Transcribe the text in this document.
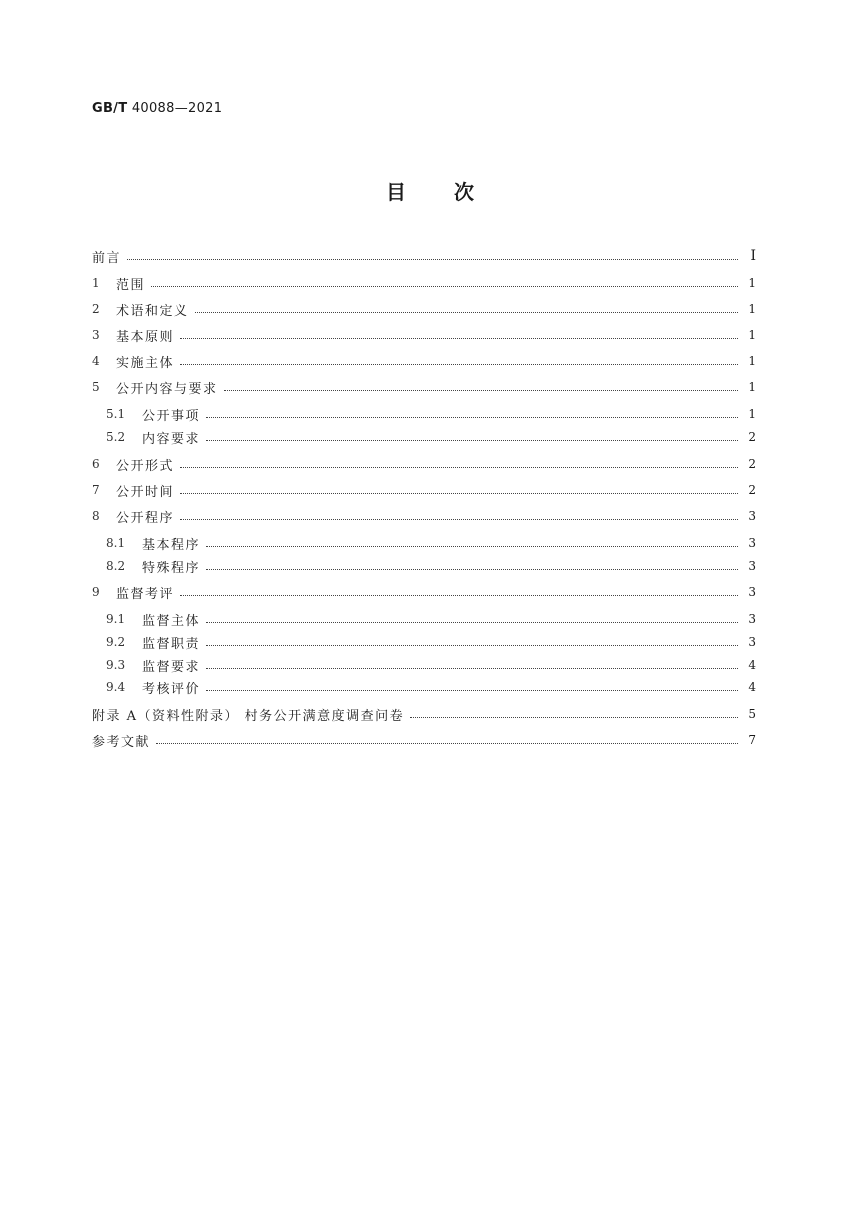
GB/T 40088—2021
目次
前言	I
1	范围	1
2	术语和定义	1
3	基本原则	1
4	实施主体	1
5	公开内容与要求	1
5.1	公开事项	1
5.2	内容要求	2
6	公开形式	2
7	公开时间	2
8	公开程序	3
8.1	基本程序	3
8.2	特殊程序	3
9	监督考评	3
9.1	监督主体	3
9.2	监督职责	3
9.3	监督要求	4
9.4	考核评价	4
附录 A（资料性附录） 村务公开满意度调查问卷	5
参考文献	7
